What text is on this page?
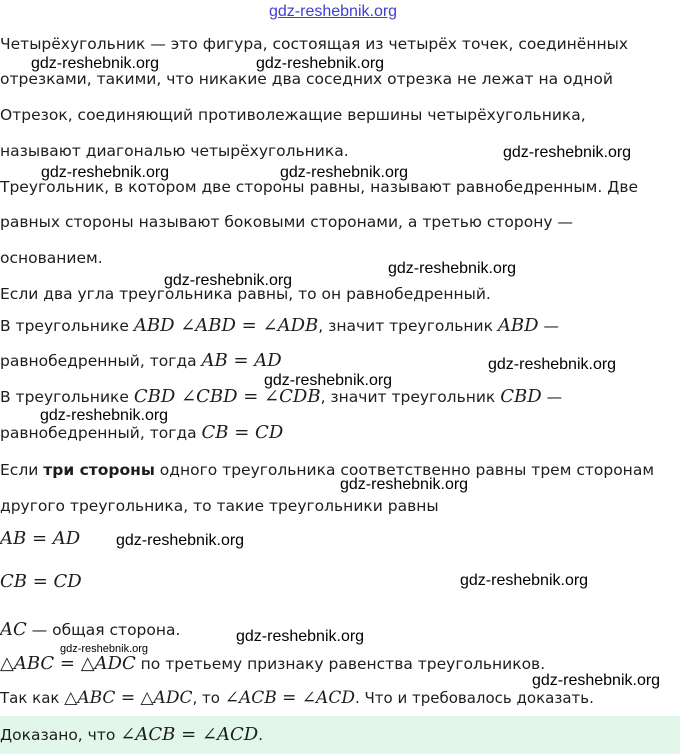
gdz-reshebnik.org

Четырёхугольник — это фигура, состоящая из четырёх точек, соединённых

отрезками, такими, что никакие два соседних отрезка не лежат на одной

Отрезок, соединяющий противолежащие вершины четырёхугольника,

называют диагональю четырёхугольника.

Треугольник, в котором две стороны равны, называют равнобедренным. Две

равных стороны называют боковыми сторонами, а третью сторону —

основанием.

Если два угла треугольника равны, то он равнобедренный.

В треугольнике ABD ∠ABD = ∠ADB, значит треугольник ABD —

равнобедренный, тогда AB = AD

В треугольнике CBD ∠CBD = ∠CDB, значит треугольник CBD —

равнобедренный, тогда CB = CD

Если три стороны одного треугольника соответственно равны трем сторонам

другого треугольника, то такие треугольники равны

AB = AD

CB = CD

AC — общая сторона.

△ABC = △ADC по третьему признаку равенства треугольников.

Так как △ABC = △ADC, то ∠ACB = ∠ACD. Что и требовалось доказать.

Доказано, что ∠ACB = ∠ACD.

gdz-reshebnik.org	gdz-reshebnik.org
gdz-reshebnik.org
gdz-reshebnik.org	gdz-reshebnik.org
gdz-reshebnik.org
gdz-reshebnik.org
gdz-reshebnik.org
gdz-reshebnik.org
gdz-reshebnik.org
gdz-reshebnik.org
gdz-reshebnik.org
gdz-reshebnik.org
gdz-reshebnik.org
gdz-reshebnik.org
gdz-reshebnik.org
